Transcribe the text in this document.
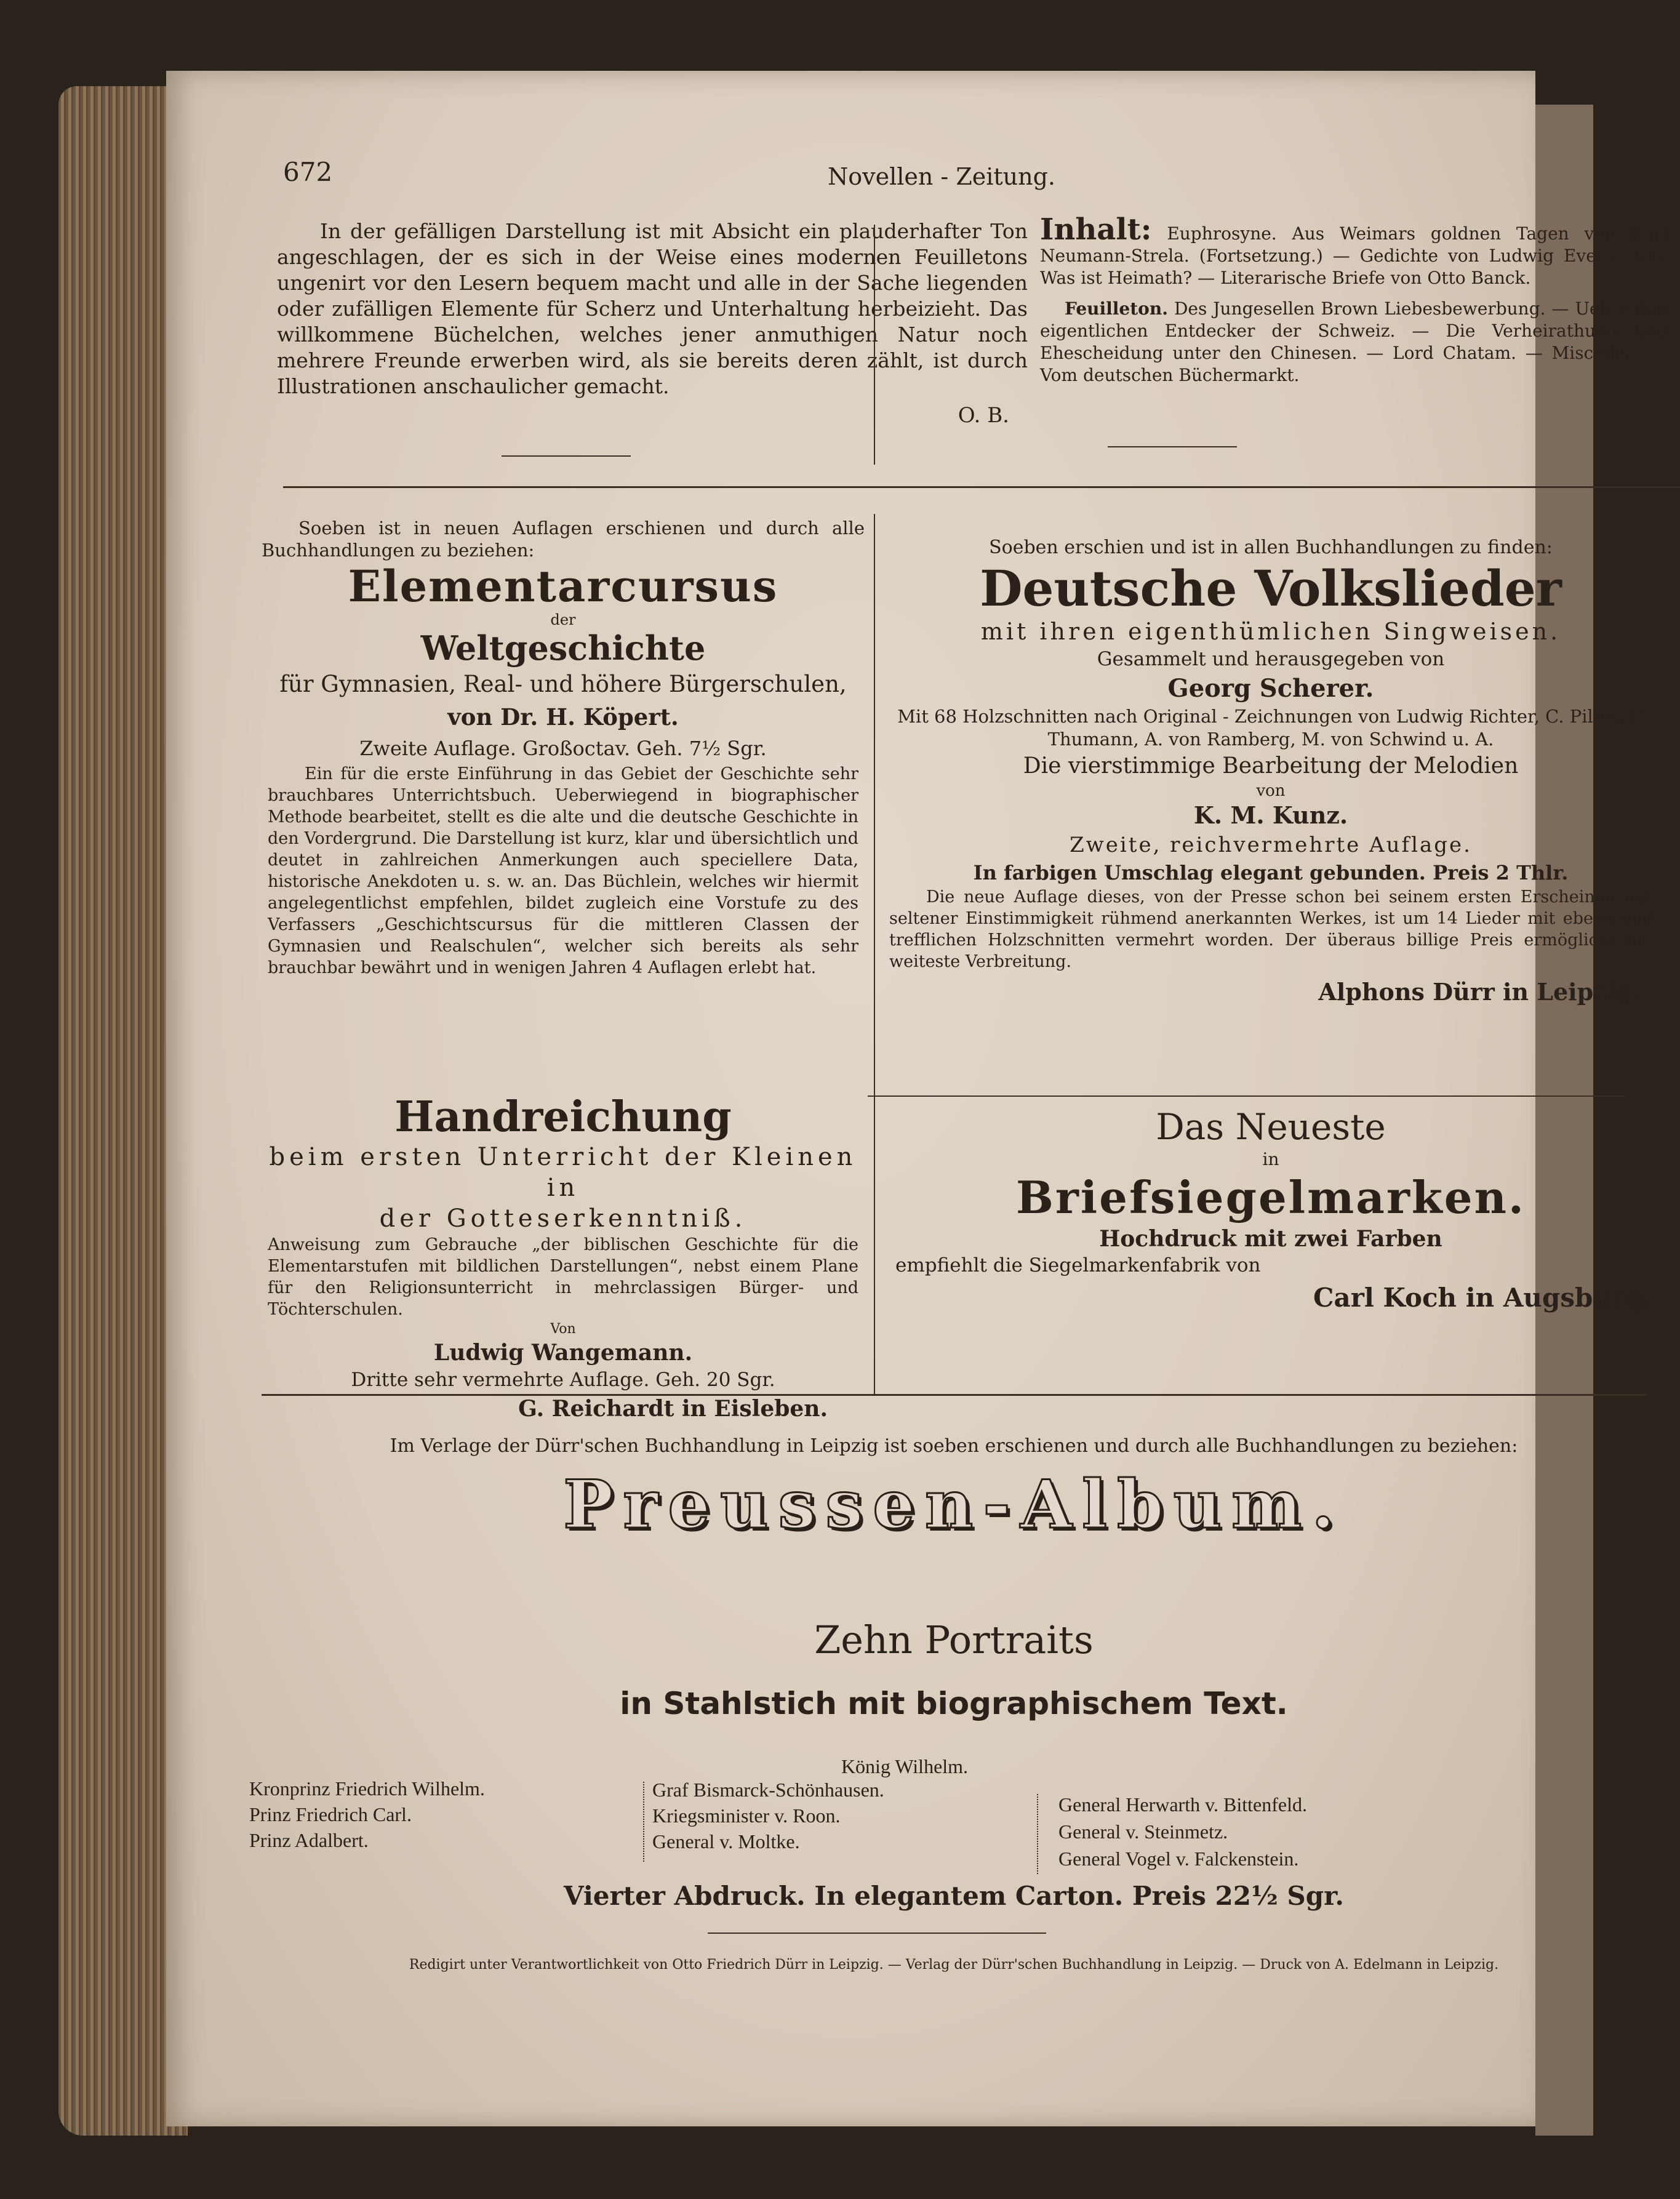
672	Novellen - Zeitung.

In der gefälligen Darstellung ist mit Absicht ein plauderhafter Ton angeschlagen, der es sich in der Weise eines modernen Feuilletons ungenirt vor den Lesern bequem macht und alle in der Sache liegenden oder zufälligen Elemente für Scherz und Unterhaltung herbeizieht. Das willkommene Büchelchen, welches jener anmuthigen Natur noch mehrere Freunde erwerben wird, als sie bereits deren zählt, ist durch Illustrationen anschaulicher gemacht.

O. B.

Inhalt: Euphrosyne. Aus Weimars goldnen Tagen von Karl Neumann-Strela. (Fortsetzung.) — Gedichte von Ludwig Evers. Ade. Was ist Heimath? — Literarische Briefe von Otto Banck.

Feuilleton. Des Jungesellen Brown Liebesbewerbung. — Ueber den eigentlichen Entdecker der Schweiz. — Die Verheirathung und Ehescheidung unter den Chinesen. — Lord Chatam. — Miscellen. — Vom deutschen Büchermarkt.

Soeben ist in neuen Auflagen erschienen und durch alle Buchhandlungen zu beziehen:

Elementarcursus
der
Weltgeschichte
für Gymnasien, Real- und höhere Bürgerschulen,
von Dr. H. Köpert.
Zweite Auflage. Großoctav. Geh. 7½ Sgr.

Ein für die erste Einführung in das Gebiet der Geschichte sehr brauchbares Unterrichtsbuch. Ueberwiegend in biographischer Methode bearbeitet, stellt es die alte und die deutsche Geschichte in den Vordergrund. Die Darstellung ist kurz, klar und übersichtlich und deutet in zahlreichen Anmerkungen auch speciellere Data, historische Anekdoten u. s. w. an. Das Büchlein, welches wir hiermit angelegentlichst empfehlen, bildet zugleich eine Vorstufe zu des Verfassers „Geschichtscursus für die mittleren Classen der Gymnasien und Realschulen“, welcher sich bereits als sehr brauchbar bewährt und in wenigen Jahren 4 Auflagen erlebt hat.

Handreichung
beim ersten Unterricht der Kleinen in
der Gotteserkenntniß.

Anweisung zum Gebrauche „der biblischen Geschichte für die Elementarstufen mit bildlichen Darstellungen“, nebst einem Plane für den Religionsunterricht in mehrclassigen Bürger- und Töchterschulen.

Von
Ludwig Wangemann.
Dritte sehr vermehrte Auflage. Geh. 20 Sgr.
G. Reichardt in Eisleben.
Soeben erschien und ist in allen Buchhandlungen zu finden:
Deutsche Volkslieder
mit ihren eigenthümlichen Singweisen.
Gesammelt und herausgegeben von
Georg Scherer.

Mit 68 Holzschnitten nach Original - Zeichnungen von Ludwig Richter, C. Piloty, P. Thumann, A. von Ramberg, M. von Schwind u. A.

Die vierstimmige Bearbeitung der Melodien
von
K. M. Kunz.
Zweite, reichvermehrte Auflage.
In farbigen Umschlag elegant gebunden. Preis 2 Thlr.

Die neue Auflage dieses, von der Presse schon bei seinem ersten Erscheinen mit seltener Einstimmigkeit rühmend anerkannten Werkes, ist um 14 Lieder mit ebensoviel trefflichen Holzschnitten vermehrt worden. Der überaus billige Preis ermöglicht die weiteste Verbreitung.

Alphons Dürr in Leipzig.
Das Neueste
in
Briefsiegelmarken.
Hochdruck mit zwei Farben
empfiehlt die Siegelmarkenfabrik von
Carl Koch in Augsburg.
Im Verlage der Dürr'schen Buchhandlung in Leipzig ist soeben erschienen und durch alle Buchhandlungen zu beziehen:
Preussen-Album.
Zehn Portraits
in Stahlstich mit biographischem Text.
König Wilhelm.
Kronprinz Friedrich Wilhelm.
Prinz Friedrich Carl.
Prinz Adalbert.
Graf Bismarck-Schönhausen.
Kriegsminister v. Roon.
General v. Moltke.
General Herwarth v. Bittenfeld.
General v. Steinmetz.
General Vogel v. Falckenstein.
Vierter Abdruck. In elegantem Carton. Preis 22½ Sgr.
Redigirt unter Verantwortlichkeit von Otto Friedrich Dürr in Leipzig. — Verlag der Dürr'schen Buchhandlung in Leipzig. — Druck von A. Edelmann in Leipzig.
